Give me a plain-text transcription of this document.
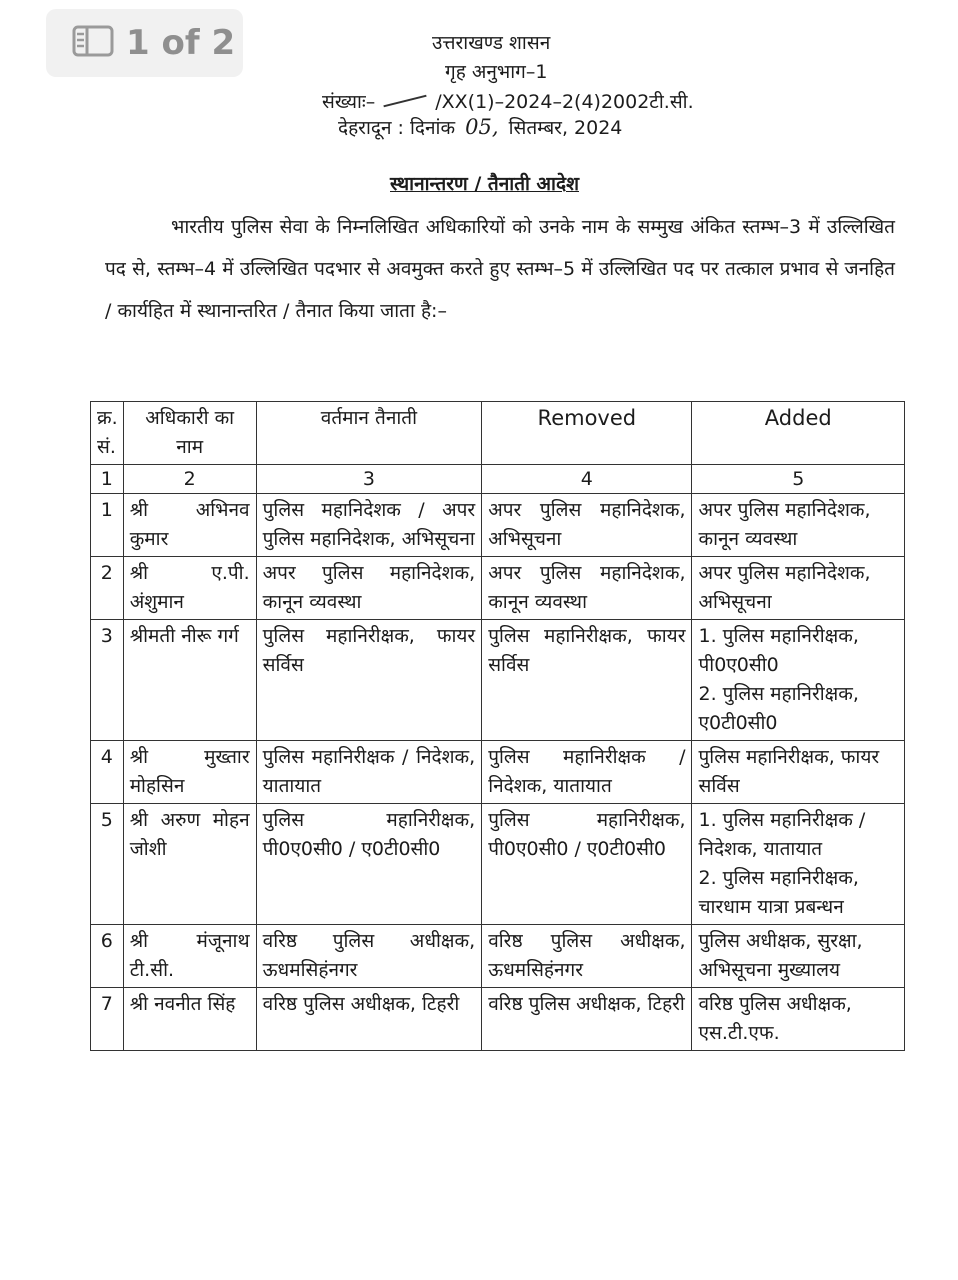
1 of 2	उत्तराखण्ड शासन
गृह अनुभाग–1
संख्याः–	/XX(1)–2024–2(4)2002टी.सी.
देहरादून : दिनांक 05, सितम्बर, 2024
स्थानान्तरण / तैनाती आदेश
भारतीय पुलिस सेवा के निम्नलिखित अधिकारियों को उनके नाम के सम्मुख अंकित स्तम्भ–3 में उल्लिखित पद से, स्तम्भ–4 में उल्लिखित पदभार से अवमुक्त करते हुए स्तम्भ–5 में उल्लिखित पद पर तत्काल प्रभाव से जनहित / कार्यहित में स्थानान्तरित / तैनात किया जाता है:–
क्र. सं.	अधिकारी का नाम	वर्तमान तैनाती	Removed	Added
1	2	3	4	5
1	श्री अभिनव कुमार	पुलिस महानिदेशक / अपर पुलिस महानिदेशक, अभिसूचना	अपर पुलिस महानिदेशक, अभिसूचना	अपर पुलिस महानिदेशक, कानून व्यवस्था

2	श्री ए.पी. अंशुमान	अपर पुलिस महानिदेशक, कानून व्यवस्था	अपर पुलिस महानिदेशक, कानून व्यवस्था	अपर पुलिस महानिदेशक, अभिसूचना

3	श्रीमती नीरू गर्ग	पुलिस महानिरीक्षक, फायर सर्विस	पुलिस महानिरीक्षक, फायर सर्विस	1. पुलिस महानिरीक्षक, पी0ए0सी0
2. पुलिस महानिरीक्षक, ए0टी0सी0

4	श्री मुख्तार मोहसिन	पुलिस महानिरीक्षक / निदेशक, यातायात	पुलिस महानिरीक्षक / निदेशक, यातायात	पुलिस महानिरीक्षक, फायर सर्विस

5	श्री अरुण मोहन जोशी	पुलिस महानिरीक्षक, पी0ए0सी0 / ए0टी0सी0	पुलिस महानिरीक्षक, पी0ए0सी0 / ए0टी0सी0	1. पुलिस महानिरीक्षक / निदेशक, यातायात
2. पुलिस महानिरीक्षक, चारधाम यात्रा प्रबन्धन

6	श्री मंजूनाथ टी.सी.	वरिष्ठ पुलिस अधीक्षक, ऊधमसिहंनगर	वरिष्ठ पुलिस अधीक्षक, ऊधमसिहंनगर	पुलिस अधीक्षक, सुरक्षा, अभिसूचना मुख्यालय

7	श्री नवनीत सिंह	वरिष्ठ पुलिस अधीक्षक, टिहरी	वरिष्ठ पुलिस अधीक्षक, टिहरी	वरिष्ठ पुलिस अधीक्षक, एस.टी.एफ.
